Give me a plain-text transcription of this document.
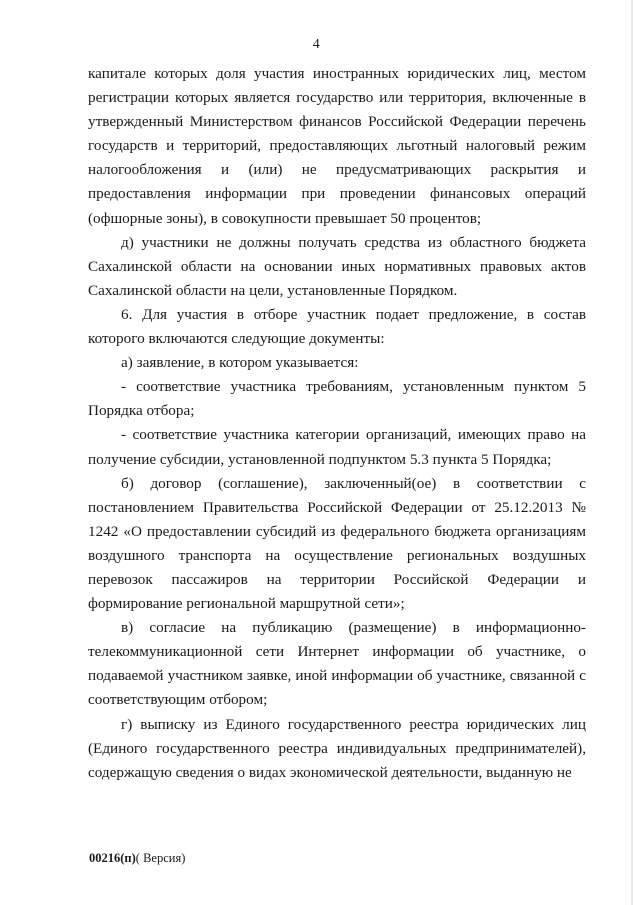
4

капитале которых доля участия иностранных юридических лиц, местом регистрации которых является государство или территория, включенные в утвержденный Министерством финансов Российской Федерации перечень государств и территорий, предоставляющих льготный налоговый режим налогообложения и (или) не предусматривающих раскрытия и предоставления информации при проведении финансовых операций (офшорные зоны), в совокупности превышает 50 процентов;

д) участники не должны получать средства из областного бюджета Сахалинской области на основании иных нормативных правовых актов Сахалинской области на цели, установленные Порядком.

6. Для участия в отборе участник подает предложение, в состав которого включаются следующие документы:

а) заявление, в котором указывается:

- соответствие участника требованиям, установленным пунктом 5 Порядка отбора;

- соответствие участника категории организаций, имеющих право на получение субсидии, установленной подпунктом 5.3 пункта 5 Порядка;

б) договор (соглашение), заключенный(ое) в соответствии с постановлением Правительства Российской Федерации от 25.12.2013 № 1242 «О предоставлении субсидий из федерального бюджета организациям воздушного транспорта на осуществление региональных воздушных перевозок пассажиров на территории Российской Федерации и формирование региональной маршрутной сети»;

в) согласие на публикацию (размещение) в информационно-телекоммуникационной сети Интернет информации об участнике, о подаваемой участником заявке, иной информации об участнике, связанной с соответствующим отбором;

г) выписку из Единого государственного реестра юридических лиц (Единого государственного реестра индивидуальных предпринимателей), содержащую сведения о видах экономической деятельности, выданную не

00216(п)( Версия)
